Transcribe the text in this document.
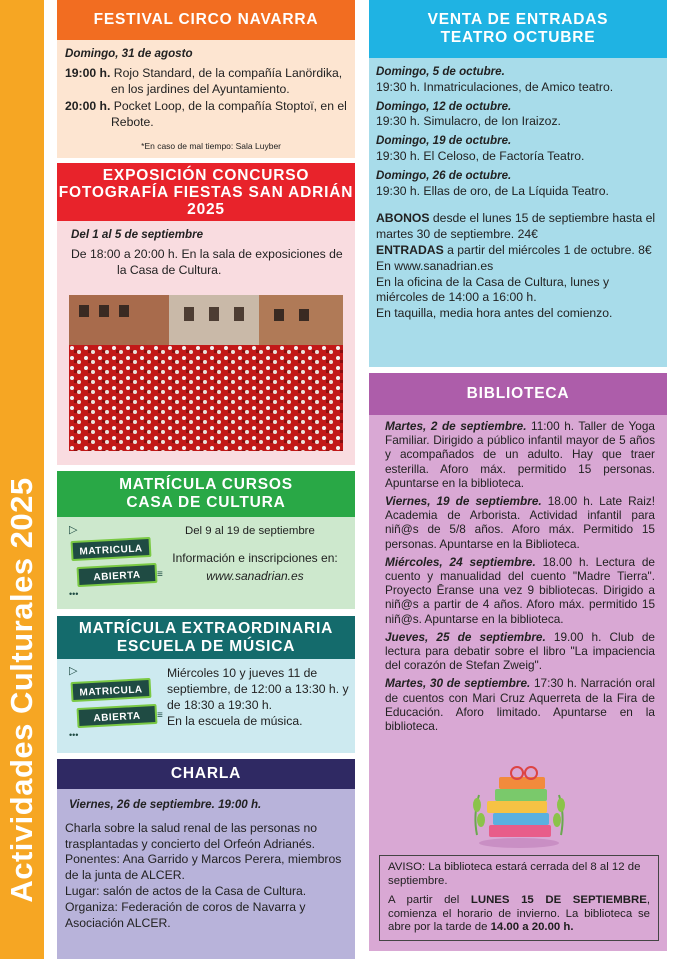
Actividades Culturales 2025
FESTIVAL CIRCO NAVARRA
Domingo, 31 de agosto
19:00 h. Rojo Standard, de la compañía Lanördika, en los jardines del Ayuntamiento.
20:00 h. Pocket Loop, de la compañía Stoptoï, en el Rebote.
*En caso de mal tiempo: Sala Luyber
EXPOSICIÓN CONCURSO
FOTOGRAFÍA FIESTAS SAN ADRIÁN
2025
Del 1 al 5 de septiembre
De 18:00 a 20:00 h. En la sala de exposiciones de la Casa de Cultura.
MATRÍCULA CURSOS
CASA DE CULTURA
▷
MATRICULA
ABIERTA	≡
•••
Del 9 al 19 de septiembre
Información e inscripciones en:
www.sanadrian.es
MATRÍCULA EXTRAORDINARIA
ESCUELA DE MÚSICA
▷
MATRICULA
ABIERTA	≡
•••
Miércoles 10 y jueves 11 de septiembre, de 12:00 a 13:30 h. y de 18:30 a 19:30 h.
En la escuela de música.
CHARLA
Viernes, 26 de septiembre. 19:00 h.
Charla sobre la salud renal de las personas no trasplantadas y concierto del Orfeón Adrianés.
Ponentes: Ana Garrido y Marcos Perera, miembros de la junta de ALCER.
Lugar: salón de actos de la Casa de Cultura.
Organiza: Federación de coros de Navarra y Asociación ALCER.
VENTA DE ENTRADAS
TEATRO OCTUBRE
Domingo, 5 de octubre.
19:30 h. Inmatriculaciones, de Amico teatro.
Domingo, 12 de octubre.
19:30 h. Simulacro, de Ion Iraizoz.
Domingo, 19 de octubre.
19:30 h. El Celoso, de Factoría Teatro.
Domingo, 26 de octubre.
19:30 h. Ellas de oro, de La Líquida Teatro.
ABONOS desde el lunes 15 de septiembre hasta el martes 30 de septiembre. 24€
ENTRADAS a partir del miércoles 1 de octubre. 8€
En www.sanadrian.es
En la oficina de la Casa de Cultura, lunes y miércoles de 14:00 a 16:00 h.
En taquilla, media hora antes del comienzo.
BIBLIOTECA
Martes, 2 de septiembre. 11:00 h. Taller de Yoga Familiar. Dirigido a público infantil mayor de 5 años y acompañados de un adulto. Hay que traer esterilla. Aforo máx. permitido 15 personas. Apuntarse en la biblioteca.
Viernes, 19 de septiembre. 18.00 h. Late Raiz! Academia de Arborista. Actividad infantil para niñ@s de 5/8 años. Aforo máx. Permitido 15 personas. Apuntarse en la Biblioteca.
Miércoles, 24 septiembre. 18.00 h. Lectura de cuento y manualidad del cuento "Madre Tierra". Proyecto Ēranse una vez 9 bibliotecas. Dirigido a niñ@s a partir de 4 años. Aforo máx. permitido 15 niñ@s. Apuntarse en la biblioteca.
Jueves, 25 de septiembre. 19.00 h. Club de lectura para debatir sobre el libro "La impaciencia del corazón de Stefan Zweig".
Martes, 30 de septiembre. 17:30 h. Narración oral de cuentos con Mari Cruz Aquerreta de la Fira de Educación. Aforo limitado. Apuntarse en la biblioteca.
AVISO: La biblioteca estará cerrada del 8 al 12 de septiembre.
A partir del LUNES 15 DE SEPTIEMBRE, comienza el horario de invierno. La biblioteca se abre por la tarde de 14.00 a 20.00 h.
